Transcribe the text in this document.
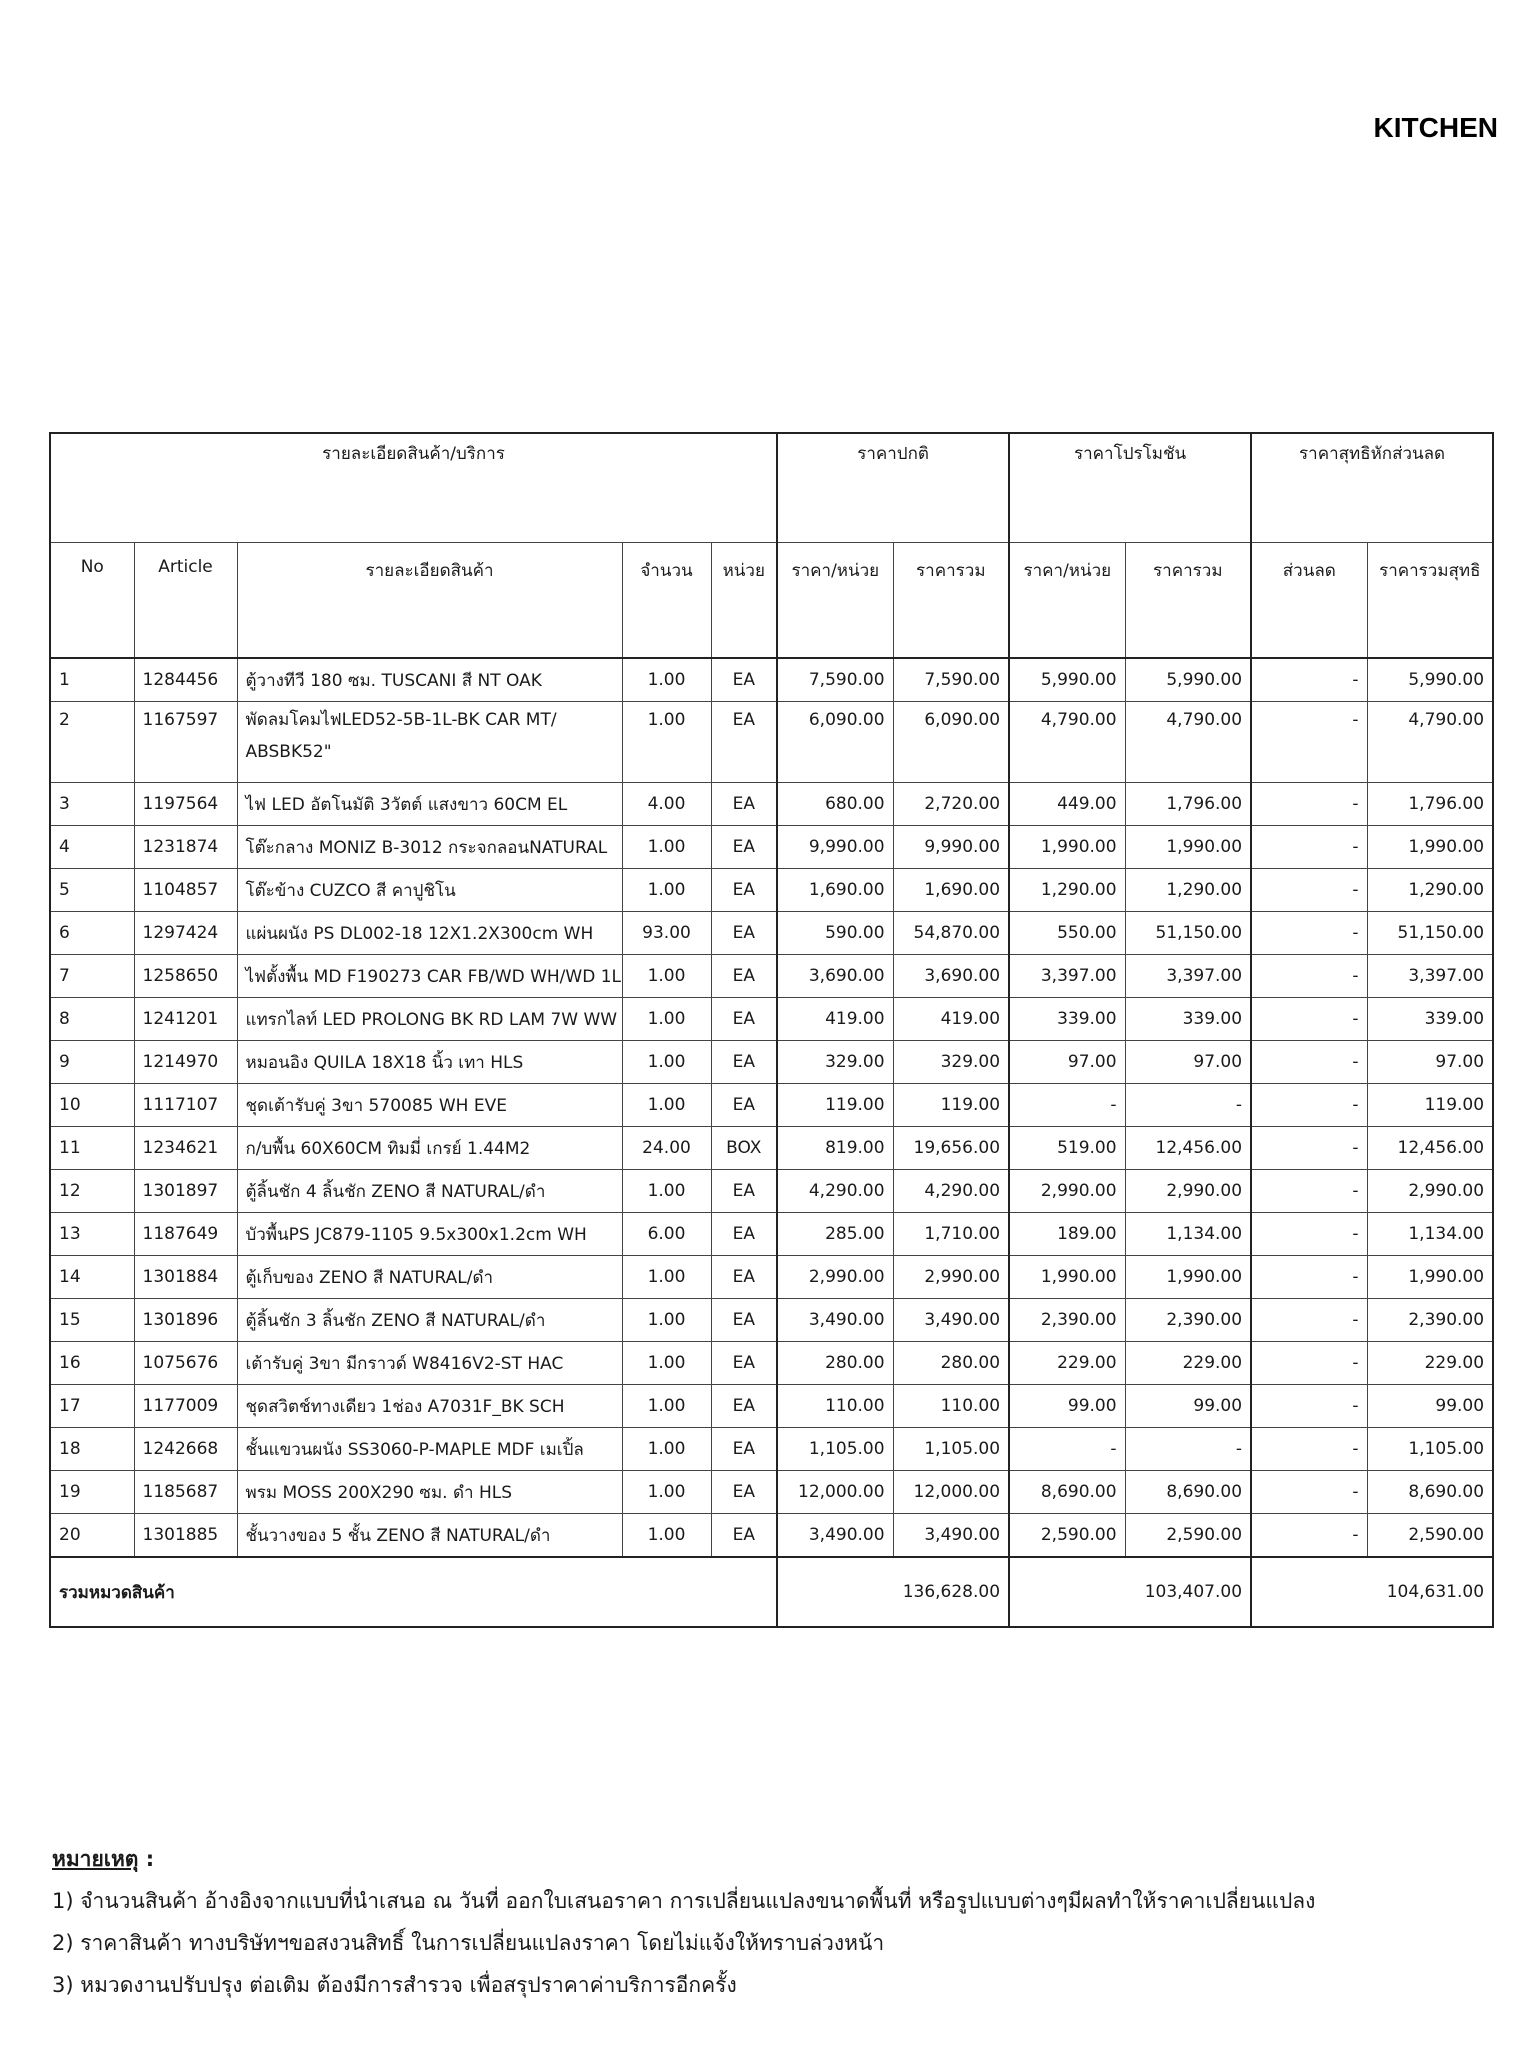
KITCHEN
รายละเอียดสินค้า/บริการ					ราคาปกติ		ราคาโปรโมชัน		ราคาสุทธิหักส่วนลด	
No	Article	รายละเอียดสินค้า	จำนวน	หน่วย	ราคา/หน่วย	ราคารวม	ราคา/หน่วย	ราคารวม	ส่วนลด	ราคารวมสุทธิ
1	1284456	ตู้วางทีวี 180 ซม. TUSCANI สี NT OAK	1.00	EA	7,590.00	7,590.00	5,990.00	5,990.00	-	5,990.00
2	1167597	พัดลมโคมไฟLED52-5B-1L-BK CAR MT/ ABSBK52"	1.00	EA	6,090.00	6,090.00	4,790.00	4,790.00	-	4,790.00
3	1197564	ไฟ LED อัตโนมัติ 3วัตต์ แสงขาว 60CM EL	4.00	EA	680.00	2,720.00	449.00	1,796.00	-	1,796.00
4	1231874	โต๊ะกลาง MONIZ B-3012 กระจกลอนNATURAL	1.00	EA	9,990.00	9,990.00	1,990.00	1,990.00	-	1,990.00
5	1104857	โต๊ะข้าง CUZCO สี คาปูชิโน	1.00	EA	1,690.00	1,690.00	1,290.00	1,290.00	-	1,290.00
6	1297424	แผ่นผนัง PS DL002-18 12X1.2X300cm WH	93.00	EA	590.00	54,870.00	550.00	51,150.00	-	51,150.00
7	1258650	ไฟตั้งพื้น MD F190273 CAR FB/WD WH/WD 1L	1.00	EA	3,690.00	3,690.00	3,397.00	3,397.00	-	3,397.00
8	1241201	แทรกไลท์ LED PROLONG BK RD LAM 7W WW	1.00	EA	419.00	419.00	339.00	339.00	-	339.00
9	1214970	หมอนอิง QUILA 18X18 นิ้ว เทา HLS	1.00	EA	329.00	329.00	97.00	97.00	-	97.00
10	1117107	ชุดเต้ารับคู่ 3ขา 570085 WH EVE	1.00	EA	119.00	119.00	-	-	-	119.00
11	1234621	ก/บพื้น 60X60CM ทิมมี่ เกรย์ 1.44M2	24.00	BOX	819.00	19,656.00	519.00	12,456.00	-	12,456.00
12	1301897	ตู้ลิ้นชัก 4 ลิ้นชัก ZENO สี NATURAL/ดำ	1.00	EA	4,290.00	4,290.00	2,990.00	2,990.00	-	2,990.00
13	1187649	บัวพื้นPS JC879-1105 9.5x300x1.2cm WH	6.00	EA	285.00	1,710.00	189.00	1,134.00	-	1,134.00
14	1301884	ตู้เก็บของ ZENO สี NATURAL/ดำ	1.00	EA	2,990.00	2,990.00	1,990.00	1,990.00	-	1,990.00
15	1301896	ตู้ลิ้นชัก 3 ลิ้นชัก ZENO สี NATURAL/ดำ	1.00	EA	3,490.00	3,490.00	2,390.00	2,390.00	-	2,390.00
16	1075676	เต้ารับคู่ 3ขา มีกราวด์ W8416V2-ST HAC	1.00	EA	280.00	280.00	229.00	229.00	-	229.00
17	1177009	ชุดสวิตช์ทางเดียว 1ช่อง A7031F_BK SCH	1.00	EA	110.00	110.00	99.00	99.00	-	99.00
18	1242668	ชั้นแขวนผนัง SS3060-P-MAPLE MDF เมเปิ้ล	1.00	EA	1,105.00	1,105.00	-	-	-	1,105.00
19	1185687	พรม MOSS 200X290 ซม. ดำ HLS	1.00	EA	12,000.00	12,000.00	8,690.00	8,690.00	-	8,690.00
20	1301885	ชั้นวางของ 5 ชั้น ZENO สี NATURAL/ดำ	1.00	EA	3,490.00	3,490.00	2,590.00	2,590.00	-	2,590.00
รวมหมวดสินค้า					136,628.00		103,407.00		104,631.00	
หมายเหตุ :
1) จำนวนสินค้า อ้างอิงจากแบบที่นำเสนอ ณ วันที่ ออกใบเสนอราคา การเปลี่ยนแปลงขนาดพื้นที่ หรือรูปแบบต่างๆมีผลทำให้ราคาเปลี่ยนแปลง
2) ราคาสินค้า ทางบริษัทฯขอสงวนสิทธิ์ ในการเปลี่ยนแปลงราคา โดยไม่แจ้งให้ทราบล่วงหน้า
3) หมวดงานปรับปรุง ต่อเติม ต้องมีการสำรวจ เพื่อสรุปราคาค่าบริการอีกครั้ง
